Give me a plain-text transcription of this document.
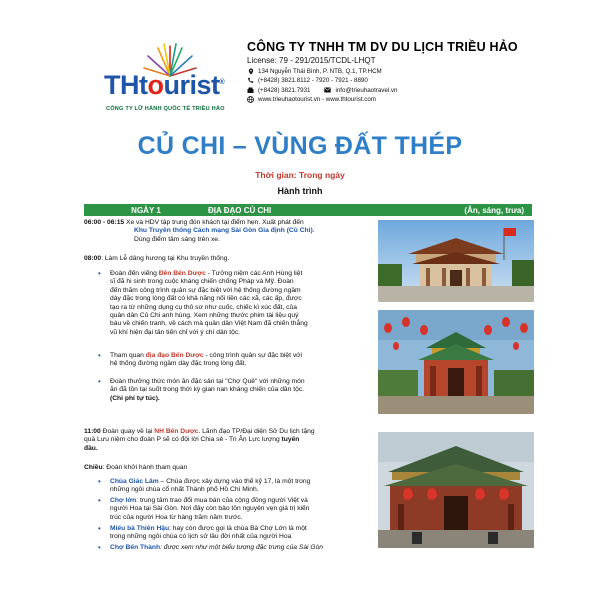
THtourist®
CÔNG TY LỮ HÀNH QUỐC TẾ TRIỀU HẢO
CÔNG TY TNHH TM DV DU LỊCH TRIỀU HẢO
License: 79 - 291/2015/TCDL-LHQT
134 Nguyễn Thái Bình, P. NTB, Q.1, TP.HCM
(+8428) 3821.8112 - 7920 - 7921 - 8890
(+8428) 3821.7931	info@trieuhaotravel.vn
www.trieuhaotourist.vn - www.thtourist.com
CỦ CHI – VÙNG ĐẤT THÉP
Thời gian: Trong ngày
Hành trình
NGÀY 1	ĐỊA ĐẠO CỦ CHI	(Ăn, sáng, trưa)
06:00 - 06:15 Xe và HDV tập trung đón khách tại điểm hẹn. Xuất phát đến
Khu Truyền thống Cách mạng Sài Gòn Gia định (Củ Chi).
Dùng điểm tâm sáng trên xe.
08:00: Làm Lễ dâng hương tại Khu truyền thống.
• Đoàn đến viếng Đền Bến Dược - Tưởng niệm các Anh Hùng liệt
sĩ đã hi sinh trong cuộc kháng chiến chống Pháp và Mỹ. Đoàn
đến thăm công trình quân sự đặc biệt với hệ thống đường ngầm
dày đặc trong lòng đất có khả năng nối liền các xã, các ấp, được
tạo ra từ những dụng cụ thô sơ như cuốc, chiếc kì xúc đất, của
quân dân Củ Chi anh hùng. Xem những thước phim tài liệu quý
báu về chiến tranh, về cách mà quân dân Việt Nam đã chiến thắng
vũ khí hiện đại tân tiến chỉ với ý chí dân tộc.
• Tham quan địa đạo Bến Dược - công trình quân sự đặc biệt với
hệ thống đường ngầm dày đặc trong lòng đất.
• Đoàn thưởng thức món ăn đặc sản tại "Chợ Quê" với những món
ăn đã tồn tại suốt trong thời kỳ gian nan kháng chiến của dân tộc.
(Chi phí tự túc).
11:00 Đoàn quay về lại NH Bến Dược. Lãnh đạo TP/Đại diện Sở Du lịch tặng
quà Lưu niệm cho đoàn P sẽ có đội lời Chia sẻ - Tri Ân Lực lượng tuyến
đầu.
Chiều: Đoàn khởi hành tham quan
• Chùa Giác Lâm – Chùa được xây dựng vào thế kỷ 17, là một trong
những ngôi chùa cổ nhất Thành phố Hồ Chí Minh.
• Chợ lớn: trung tâm trao đổi mua bán của cộng đồng người Việt và
người Hoa tại Sài Gòn. Nơi đây còn bảo tồn nguyên vẹn giá trị kiến
trúc của người Hoa từ hàng trăm năm trước.
• Miếu bà Thiên Hậu: hay còn được gọi là chùa Bà Chợ Lớn là một
trong những ngôi chùa có lịch sử lâu đời nhất của người Hoa
• Chợ Bến Thành: được xem như một biểu tượng đặc trưng của Sài Gòn
